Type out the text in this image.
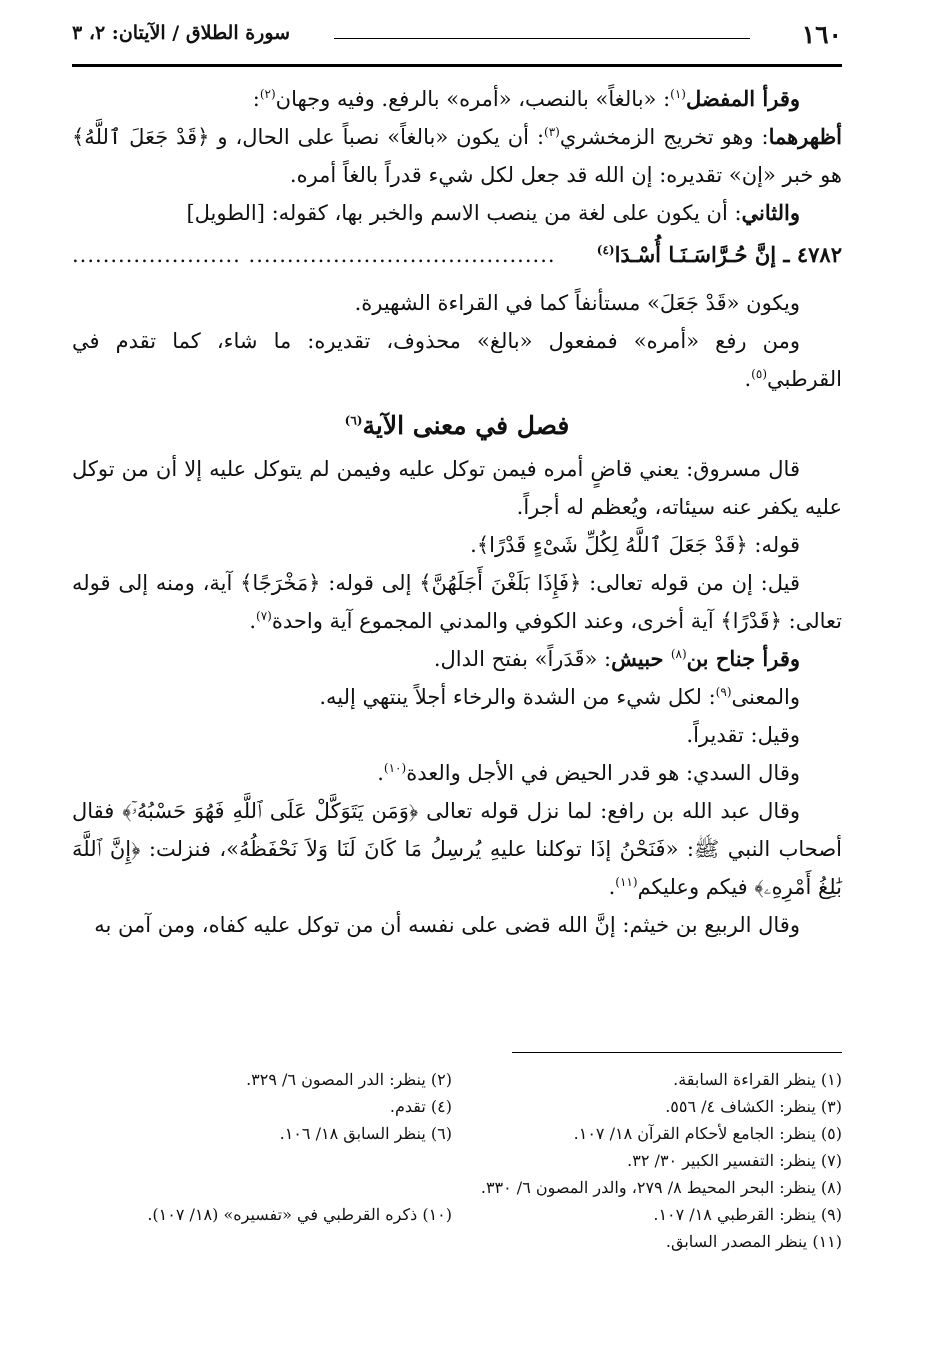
١٦٠
سورة الطلاق / الآيتان: ٢، ٣

وقرأ المفضل$^{(١)}$: «بالغاً» بالنصب، «أمره» بالرفع. وفيه وجهان$^{(٢)}$:

أظهرهما: وهو تخريج الزمخشري$^{(٣)}$: أن يكون «بالغاً» نصباً على الحال، و ﴿قَدْ جَعَلَ ٱللَّهُ﴾ هو خبر «إن» تقديره: إن الله قد جعل لكل شيء قدراً بالغاً أمره.

والثاني: أن يكون على لغة من ينصب الاسم والخبر بها، كقوله: [الطويل]

٤٧٨٢ ـ إنَّ حُـرَّاسَـنَـا أُسْـدَا$^{(٤)}$
........................................ ......................

ويكون «قَدْ جَعَلَ» مستأنفاً كما في القراءة الشهيرة.

ومن رفع «أمره» فمفعول «بالغ» محذوف، تقديره: ما شاء، كما تقدم في القرطبي$^{(٥)}$.

فصل في معنى الآية$^{(٦)}$

قال مسروق: يعني قاضٍ أمره فيمن توكل عليه وفيمن لم يتوكل عليه إلا أن من توكل عليه يكفر عنه سيئاته، ويُعظم له أجراً.

قوله: ﴿قَدْ جَعَلَ ٱللَّهُ لِكُلِّ شَىْءٍ قَدْرًا﴾.

قيل: إن من قوله تعالى: ﴿فَإِذَا بَلَغْنَ أَجَلَهُنَّ﴾ إلى قوله: ﴿مَخْرَجًا﴾ آية، ومنه إلى قوله تعالى: ﴿قَدْرًا﴾ آية أخرى، وعند الكوفي والمدني المجموع آية واحدة$^{(٧)}$.

وقرأ جناح بن$^{(٨)}$ حبيش: «قَدَراً» بفتح الدال.

والمعنى$^{(٩)}$: لكل شيء من الشدة والرخاء أجلاً ينتهي إليه.

وقيل: تقديراً.

وقال السدي: هو قدر الحيض في الأجل والعدة$^{(١٠)}$.

وقال عبد الله بن رافع: لما نزل قوله تعالى ﴿وَمَن يَتَوَكَّلْ عَلَى ٱللَّهِ فَهُوَ حَسْبُهُۥٓ﴾ فقال أصحاب النبي ﷺ: «فَنَحْنُ إذَا توكلنا عليهِ يُرسِلُ مَا كَانَ لَنَا وَلاَ نَحْفَظُهُ»، فنزلت: ﴿إِنَّ ٱللَّهَ بَٰلِغُ أَمْرِهِۦ﴾ فيكم وعليكم$^{(١١)}$.

وقال الربيع بن خيثم: إنَّ الله قضى على نفسه أن من توكل عليه كفاه، ومن آمن به

(١) ينظر القراءة السابقة.
(٢) ينظر: الدر المصون ٦/ ٣٢٩.
(٣) ينظر: الكشاف ٤/ ٥٥٦.
(٤) تقدم.
(٥) ينظر: الجامع لأحكام القرآن ١٨/ ١٠٧.
(٦) ينظر السابق ١٨/ ١٠٦.
(٧) ينظر: التفسير الكبير ٣٠/ ٣٢.
(٨) ينظر: البحر المحيط ٨/ ٢٧٩، والدر المصون ٦/ ٣٣٠.
(٩) ينظر: القرطبي ١٨/ ١٠٧.
(١٠) ذكره القرطبي في «تفسيره» (١٨/ ١٠٧).
(١١) ينظر المصدر السابق.
